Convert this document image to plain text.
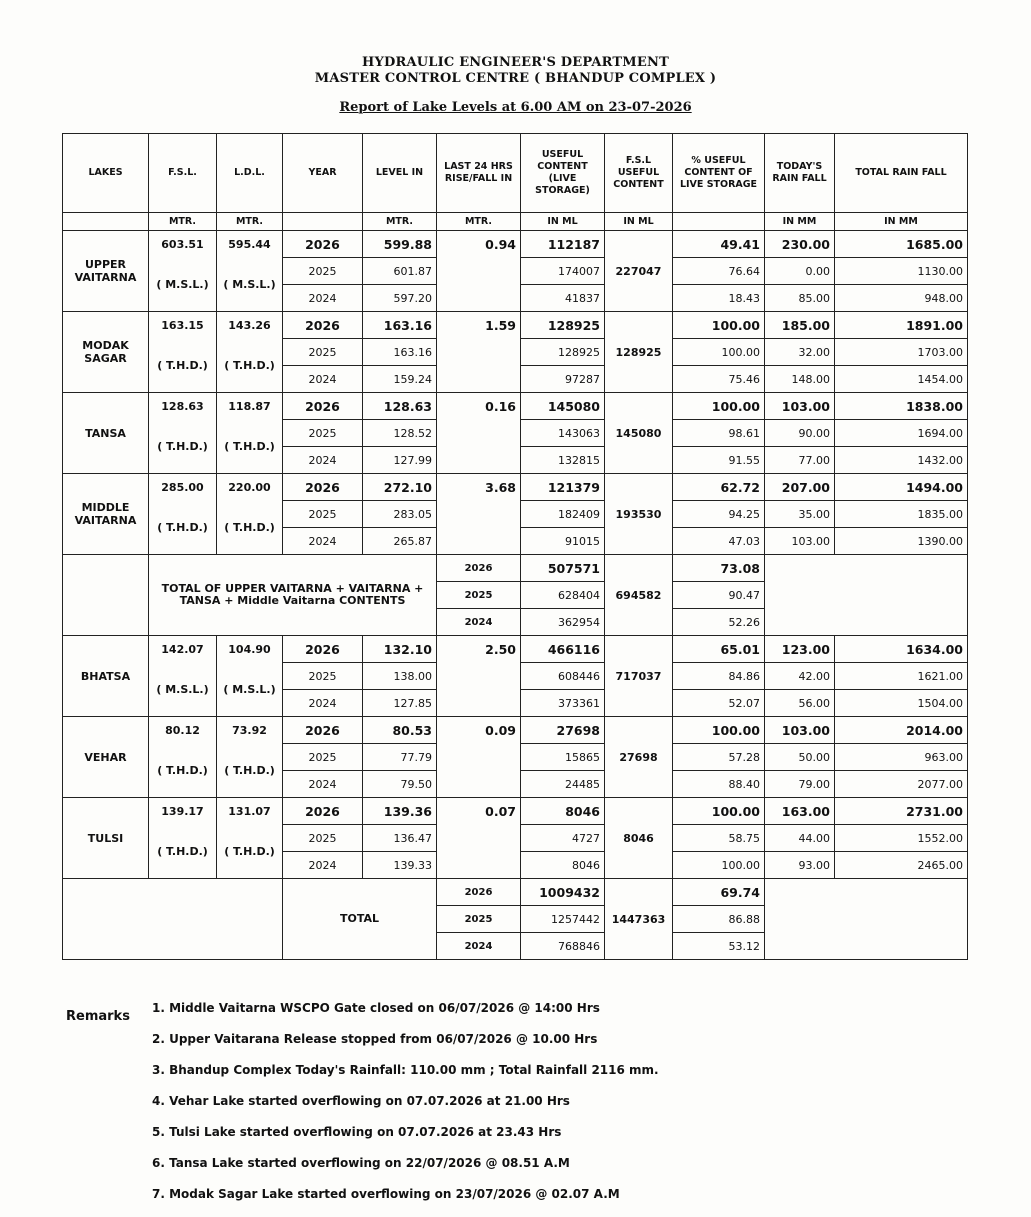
HYDRAULIC ENGINEER'S DEPARTMENT
MASTER CONTROL CENTRE ( BHANDUP COMPLEX )
Report of Lake Levels at 6.00 AM on 23-07-2026
LAKES	F.S.L.	L.D.L.	YEAR	LEVEL IN	LAST 24 HRS RISE/FALL IN	USEFUL CONTENT (LIVE STORAGE)	F.S.L USEFUL CONTENT	% USEFUL CONTENT OF LIVE STORAGE	TODAY'S RAIN FALL	TOTAL RAIN FALL
	MTR.	MTR.		MTR.	MTR.	IN ML	IN ML		IN MM	IN MM
UPPER VAITARNA	603.51	595.44	2026	599.88	0.94	112187	227047	49.41	230.00	1685.00
	( M.S.L.)	( M.S.L.)	2025	601.87		174007		76.64	0.00	1130.00
			2024	597.20		41837		18.43	85.00	948.00
MODAK SAGAR	163.15	143.26	2026	163.16	1.59	128925	128925	100.00	185.00	1891.00
	( T.H.D.)	( T.H.D.)	2025	163.16		128925		100.00	32.00	1703.00
			2024	159.24		97287		75.46	148.00	1454.00
TANSA	128.63	118.87	2026	128.63	0.16	145080	145080	100.00	103.00	1838.00
	( T.H.D.)	( T.H.D.)	2025	128.52		143063		98.61	90.00	1694.00
			2024	127.99		132815		91.55	77.00	1432.00
MIDDLE VAITARNA	285.00	220.00	2026	272.10	3.68	121379	193530	62.72	207.00	1494.00
	( T.H.D.)	( T.H.D.)	2025	283.05		182409		94.25	35.00	1835.00
			2024	265.87		91015		47.03	103.00	1390.00
	TOTAL OF UPPER VAITARNA + VAITARNA + TANSA + Middle Vaitarna CONTENTS				2026	507571	694582	73.08		
					2025	628404		90.47		
					2024	362954		52.26		
BHATSA	142.07	104.90	2026	132.10	2.50	466116	717037	65.01	123.00	1634.00
	( M.S.L.)	( M.S.L.)	2025	138.00		608446		84.86	42.00	1621.00
			2024	127.85		373361		52.07	56.00	1504.00
VEHAR	80.12	73.92	2026	80.53	0.09	27698	27698	100.00	103.00	2014.00
	( T.H.D.)	( T.H.D.)	2025	77.79		15865		57.28	50.00	963.00
			2024	79.50		24485		88.40	79.00	2077.00
TULSI	139.17	131.07	2026	139.36	0.07	8046	8046	100.00	163.00	2731.00
	( T.H.D.)	( T.H.D.)	2025	136.47		4727		58.75	44.00	1552.00
			2024	139.33		8046		100.00	93.00	2465.00
			TOTAL		2026	1009432	1447363	69.74		
					2025	1257442		86.88		
					2024	768846		53.12		
Remarks
1. Middle Vaitarna WSCPO Gate closed on 06/07/2026 @ 14:00 Hrs
2. Upper Vaitarana Release stopped from 06/07/2026 @ 10.00 Hrs
3. Bhandup Complex Today's Rainfall: 110.00 mm ; Total Rainfall 2116 mm.
4. Vehar Lake started overflowing on 07.07.2026 at 21.00 Hrs
5. Tulsi Lake started overflowing on 07.07.2026 at 23.43 Hrs
6. Tansa Lake started overflowing on 22/07/2026 @ 08.51 A.M
7. Modak Sagar Lake started overflowing on 23/07/2026 @ 02.07 A.M
